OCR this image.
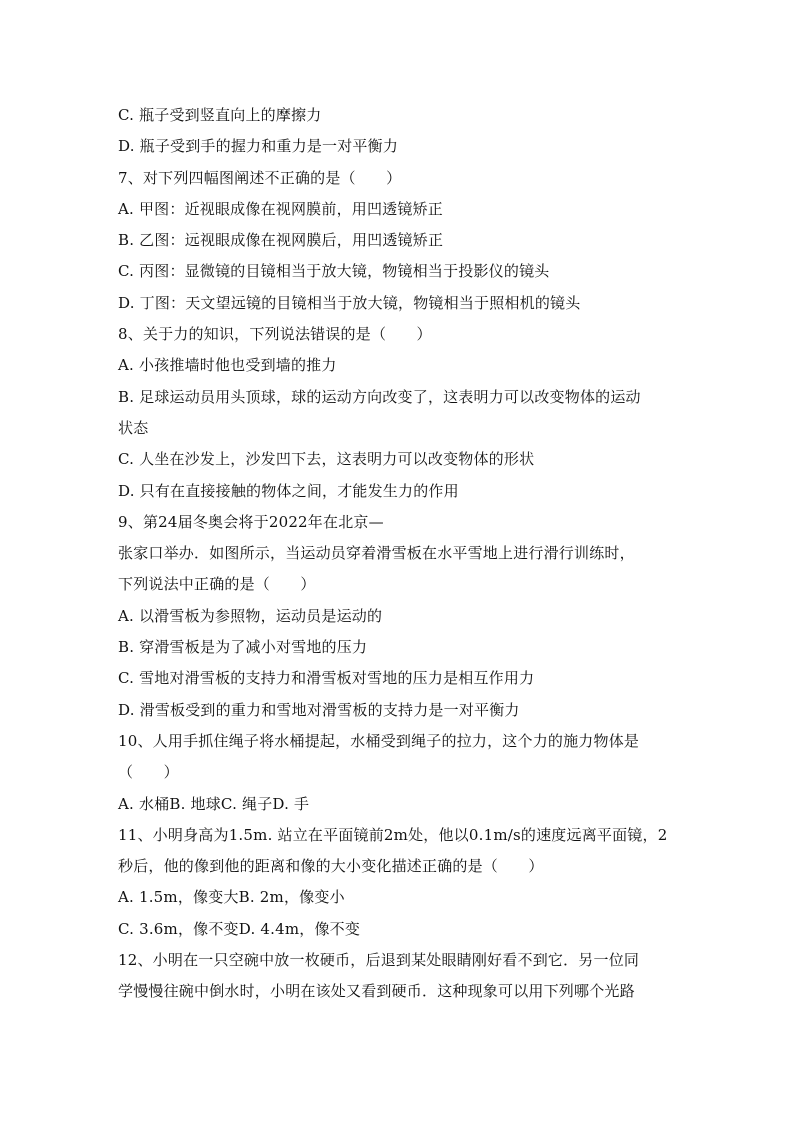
C. 瓶子受到竖直向上的摩擦力
D. 瓶子受到手的握力和重力是一对平衡力
7、对下列四幅图阐述不正确的是（　　）
A. 甲图：近视眼成像在视网膜前，用凹透镜矫正
B. 乙图：远视眼成像在视网膜后，用凹透镜矫正
C. 丙图：显微镜的目镜相当于放大镜，物镜相当于投影仪的镜头
D. 丁图：天文望远镜的目镜相当于放大镜，物镜相当于照相机的镜头
8、关于力的知识，下列说法错误的是（　　）
A. 小孩推墙时他也受到墙的推力
B. 足球运动员用头顶球，球的运动方向改变了，这表明力可以改变物体的运动
状态
C. 人坐在沙发上，沙发凹下去，这表明力可以改变物体的形状
D. 只有在直接接触的物体之间，才能发生力的作用
9、第24届冬奥会将于2022年在北京—
张家口举办．如图所示，当运动员穿着滑雪板在水平雪地上进行滑行训练时，
下列说法中正确的是（　　）
A. 以滑雪板为参照物，运动员是运动的
B. 穿滑雪板是为了减小对雪地的压力
C. 雪地对滑雪板的支持力和滑雪板对雪地的压力是相互作用力
D. 滑雪板受到的重力和雪地对滑雪板的支持力是一对平衡力
10、人用手抓住绳子将水桶提起，水桶受到绳子的拉力，这个力的施力物体是
（　　）
A. 水桶B. 地球C. 绳子D. 手
11、小明身高为1.5m. 站立在平面镜前2m处，他以0.1m/s的速度远离平面镜，2
秒后，他的像到他的距离和像的大小变化描述正确的是（　　）
A. 1.5m，像变大B. 2m，像变小
C. 3.6m，像不变D. 4.4m，像不变
12、小明在一只空碗中放一枚硬币，后退到某处眼睛刚好看不到它．另一位同
学慢慢往碗中倒水时，小明在该处又看到硬币．这种现象可以用下列哪个光路
